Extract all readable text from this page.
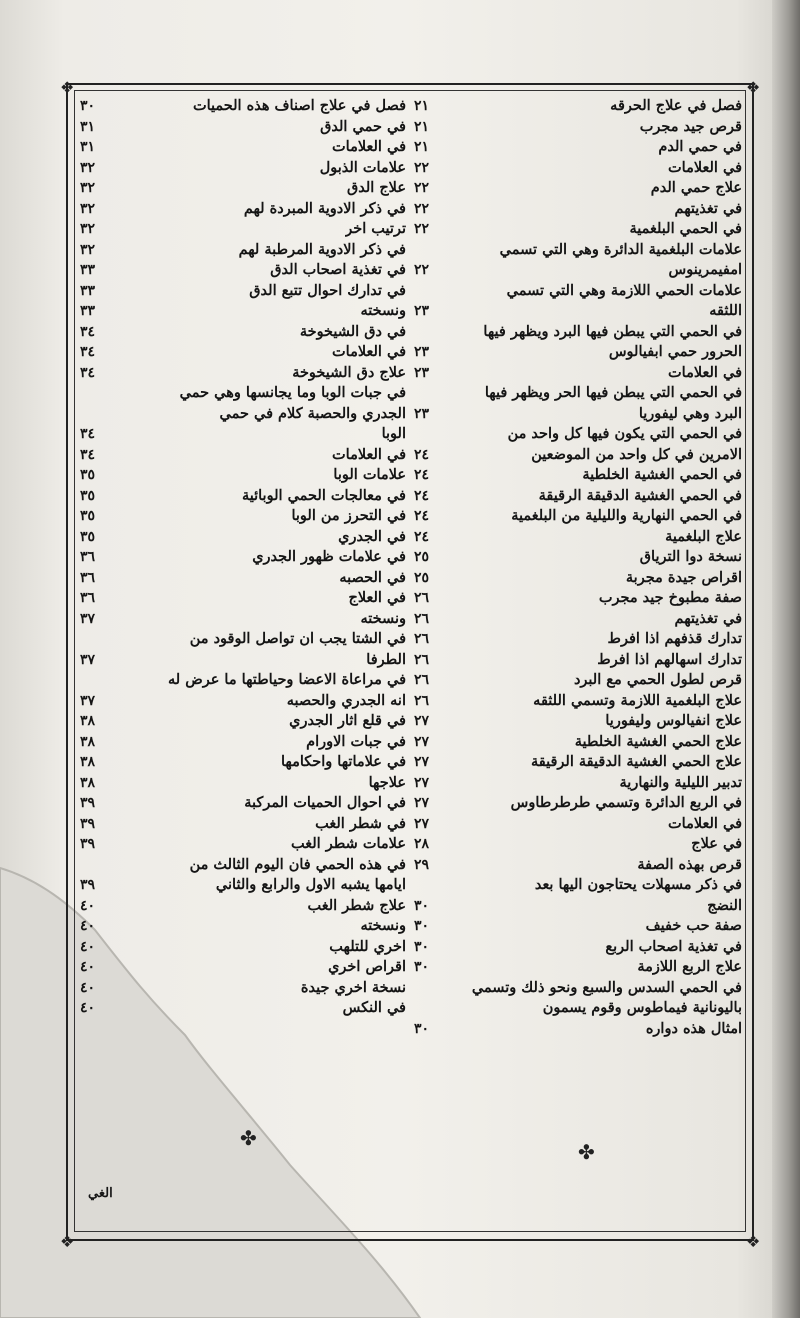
❖	❖
❖	❖
فصل في علاج الحرقه
٢١
قرص جيد مجرب
٢١
في حمي الدم
٢١
في العلامات
٢٢
علاج حمي الدم
٢٢
في تغذيتهم
٢٢
في الحمي البلغمية
٢٢
علامات البلغمية الدائرة وهي التي تسمي
امفيمرينوس
٢٢
علامات الحمي اللازمة وهي التي تسمي
اللثقه
٢٣
في الحمي التي يبطن فيها البرد ويظهر فيها
الحرور حمي ابفيالوس
٢٣
في العلامات
٢٣
في الحمي التي يبطن فيها الحر ويظهر فيها
البرد وهي ليفوريا
٢٣
في الحمي التي يكون فيها كل واحد من
الامرين في كل واحد من الموضعين
٢٤
في الحمي الغشية الخلطية
٢٤
في الحمي الغشية الدقيقة الرقيقة
٢٤
في الحمي النهارية والليلية من البلغمية
٢٤
علاج البلغمية
٢٤
نسخة دوا الترياق
٢٥
اقراص جيدة مجربة
٢٥
صفة مطبوخ جيد مجرب
٢٦
في تغذيتهم
٢٦
تدارك قذفهم اذا افرط
٢٦
تدارك اسهالهم اذا افرط
٢٦
قرص لطول الحمي مع البرد
٢٦
علاج البلغمية اللازمة وتسمي اللثقه
٢٦
علاج انفيالوس وليفوريا
٢٧
علاج الحمي الغشية الخلطية
٢٧
علاج الحمي الغشية الدقيقة الرقيقة
٢٧
تدبير الليلية والنهارية
٢٧
في الربع الدائرة وتسمي طرطرطاوس
٢٧
في العلامات
٢٧
في علاج
٢٨
قرص بهذه الصفة
٢٩
في ذكر مسهلات يحتاجون اليها بعد
النضج
٣٠
صفة حب خفيف
٣٠
في تغذية اصحاب الربع
٣٠
علاج الربع اللازمة
٣٠
في الحمي السدس والسبع ونحو ذلك وتسمي
باليونانية فيماطوس وقوم يسمون
امثال هذه دواره
٣٠
فصل في علاج اصناف هذه الحميات
٣٠
في حمي الدق
٣١
في العلامات
٣١
علامات الذبول
٣٢
علاج الدق
٣٢
في ذكر الادوية المبردة لهم
٣٢
ترتيب اخر
٣٢
في ذكر الادوية المرطبة لهم
٣٢
في تغذية اصحاب الدق
٣٣
في تدارك احوال تتبع الدق
٣٣
ونسخته
٣٣
في دق الشيخوخة
٣٤
في العلامات
٣٤
علاج دق الشيخوخة
٣٤
في جبات الوبا وما يجانسها وهي حمي
الجدري والحصبة كلام في حمي
الوبا
٣٤
في العلامات
٣٤
علامات الوبا
٣٥
في معالجات الحمي الوبائية
٣٥
في التحرز من الوبا
٣٥
في الجدري
٣٥
في علامات ظهور الجدري
٣٦
في الحصبه
٣٦
في العلاج
٣٦
ونسخته
٣٧
في الشتا يجب ان تواصل الوقود من
الطرفا
٣٧
في مراعاة الاعضا وحياطتها ما عرض له
انه الجدري والحصبه
٣٧
في قلع اثار الجدري
٣٨
في جبات الاورام
٣٨
في علاماتها واحكامها
٣٨
علاجها
٣٨
في احوال الحميات المركبة
٣٩
في شطر الغب
٣٩
علامات شطر الغب
٣٩
في هذه الحمي فان اليوم الثالث من
ايامها يشبه الاول والرابع والثاني
٣٩
علاج شطر الغب
٤٠
ونسخته
٤٠
اخري للتلهب
٤٠
اقراص اخري
٤٠
نسخة اخري جيدة
٤٠
في النكس
٤٠
✤
✤
الغي
